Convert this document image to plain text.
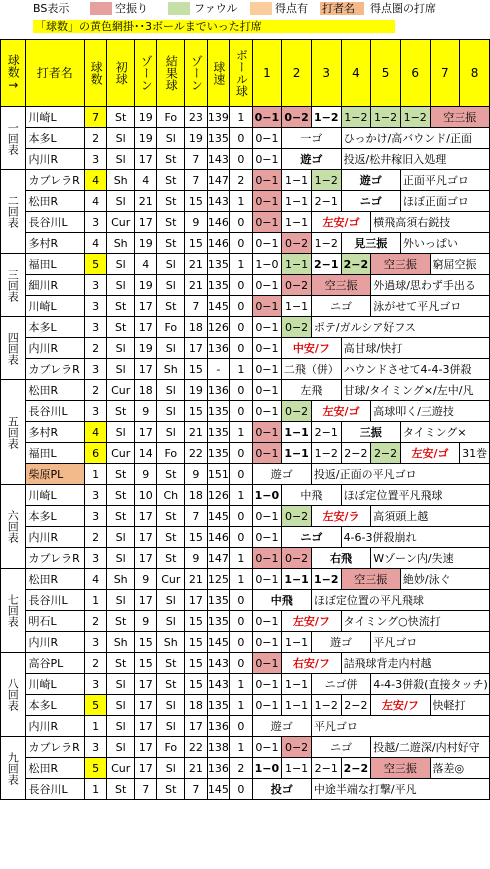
BS表示	空振り	ファウル	得点有 打者名 得点圏の打席
「球数」の黄色網掛･･3ボールまでいった打席
球数→	打者名	球数	初球	ゾーン	結果球	ゾーン	球速	ボール球	1	2	3	4	5	6	7	8
一回表	川崎L	7	St	19	Fo	23	139	1	0−1	0−2	1−2	1−2	1−2	1−2	空三振	
	本多L	2	Sl	19	Sl	19	135	0	0−1	一ゴ		ひっかけ/高バウンド/正面				
	内川R	3	Sl	17	St	7	143	0	0−1	遊ゴ		投返/松井稼旧入処理				
二回表	カブレラR	4	Sh	4	St	7	147	2	0−1	1−1	1−2	遊ゴ		正面平凡ゴロ		
	松田R	4	Sl	21	St	15	143	1	0−1	1−1	2−1	ニゴ		ほぼ正面ゴロ		
	長谷川L	3	Cur	17	St	9	146	0	0−1	1−1	左安/ゴ		横飛高須右鋭技			
	多村R	4	Sh	19	St	15	146	0	0−1	0−2	1−2	見三振		外いっぱい		
三回表	福田L	5	Sl	4	Sl	21	135	1	1−0	1−1	2−1	2−2	空三振		窮屈空振	
	細川R	3	Sl	19	Sl	21	135	0	0−1	0−2	空三振		外過球/思わず手出る			
	川崎L	3	St	17	St	7	145	0	0−1	1−1	ニゴ		泳がせて平凡ゴロ			
四回表	本多L	3	St	17	Fo	18	126	0	0−1	0−2	ポテ/ガルシア好フス					
	内川R	2	Sl	19	Sl	17	136	0	0−1	中安/フ		高甘球/快打				
	カブレラR	3	Sl	17	Sh	15	-	1	0−1	二飛（併）		ハウンドさせて4-4-3併殺				
五回表	松田R	2	Cur	18	Sl	19	136	0	0−1	左飛		甘球/タイミング×/左中/凡				
	長谷川L	3	St	9	Sl	15	135	0	0−1	0−2	左安/ゴ		高球叩く/三遊技			
	多村R	4	Sl	17	Sl	21	135	1	0−1	1−1	2−1	三振		タイミング×		
	福田L	6	Cur	14	Fo	22	135	0	0−1	1−1	1−2	2−2	2−2	左安/ゴ		31巻
	柴原PL	1	St	9	St	9	151	0	遊ゴ		投返/正面の平凡ゴロ					
六回表	川崎L	3	St	10	Ch	18	126	1	1−0	中飛		ほぼ定位置平凡飛球				
	本多L	3	St	17	St	7	145	0	0−1	0−2	左安/ラ		高須頭上越			
	内川R	2	Sl	17	St	15	146	0	0−1	ニゴ		4-6-3併殺崩れ				
	カブレラR	3	Sl	17	St	9	147	1	0−1	0−2	右飛		Wゾーン内/失速			
七回表	松田R	4	Sh	9	Cur	21	125	1	0−1	1−1	1−2	空三振		絶妙/泳ぐ		
	長谷川L	1	Sl	17	Sl	17	135	0	中飛		ほぼ定位置の平凡飛球					
	明石L	2	St	9	Sl	15	135	0	0−1	左安/フ		タイミング○快流打				
	内川R	3	Sh	15	Sh	15	145	0	0−1	1−1	遊ゴ		平凡ゴロ			
八回表	高谷PL	2	St	15	St	15	143	0	0−1	右安/フ		詰飛球背走内村越				
	川崎L	3	Sl	17	St	15	143	1	0−1	1−1	ニゴ併		4-4-3併殺(直接タッチ)			
	本多L	5	Sl	17	Sl	18	135	1	0−1	1−1	1−2	2−2	左安/フ		快軽打	
	内川R	1	Sl	17	Sl	17	136	0	遊ゴ		平凡ゴロ					
九回表	カブレラR	3	Sl	17	Fo	22	138	1	0−1	0−2	ニゴ		投越/二遊深/内村好守			
	松田R	5	Cur	17	Sl	21	136	2	1−0	1−1	2−1	2−2	空三振		落差◎	
	長谷川L	1	St	7	St	7	145	0	投ゴ		中途半端な打撃/平凡					
